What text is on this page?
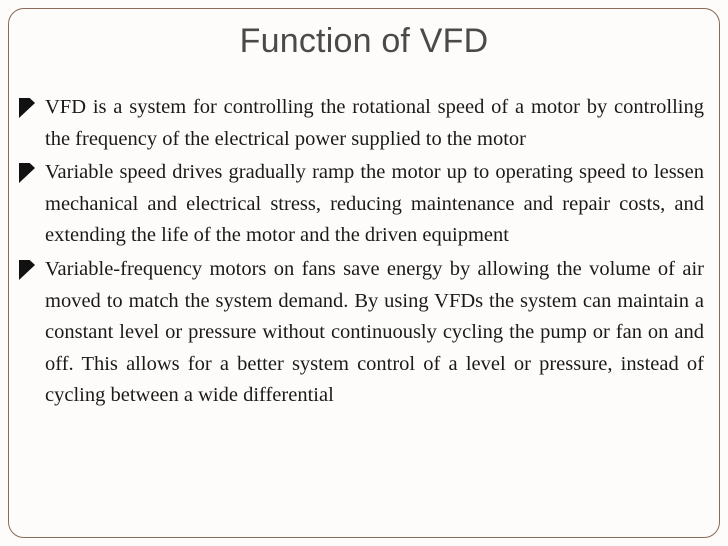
Function of VFD
VFD is a system for controlling the rotational speed of a motor by controlling the frequency of the electrical power supplied to the motor
Variable speed drives gradually ramp the motor up to operating speed to lessen mechanical and electrical stress, reducing maintenance and repair costs, and extending the life of the motor and the driven equipment
Variable-frequency motors on fans save energy by allowing the volume of air moved to match the system demand. By using VFDs the system can maintain a constant level or pressure without continuously cycling the pump or fan on and off. This allows for a better system control of a level or pressure, instead of cycling between a wide differential
